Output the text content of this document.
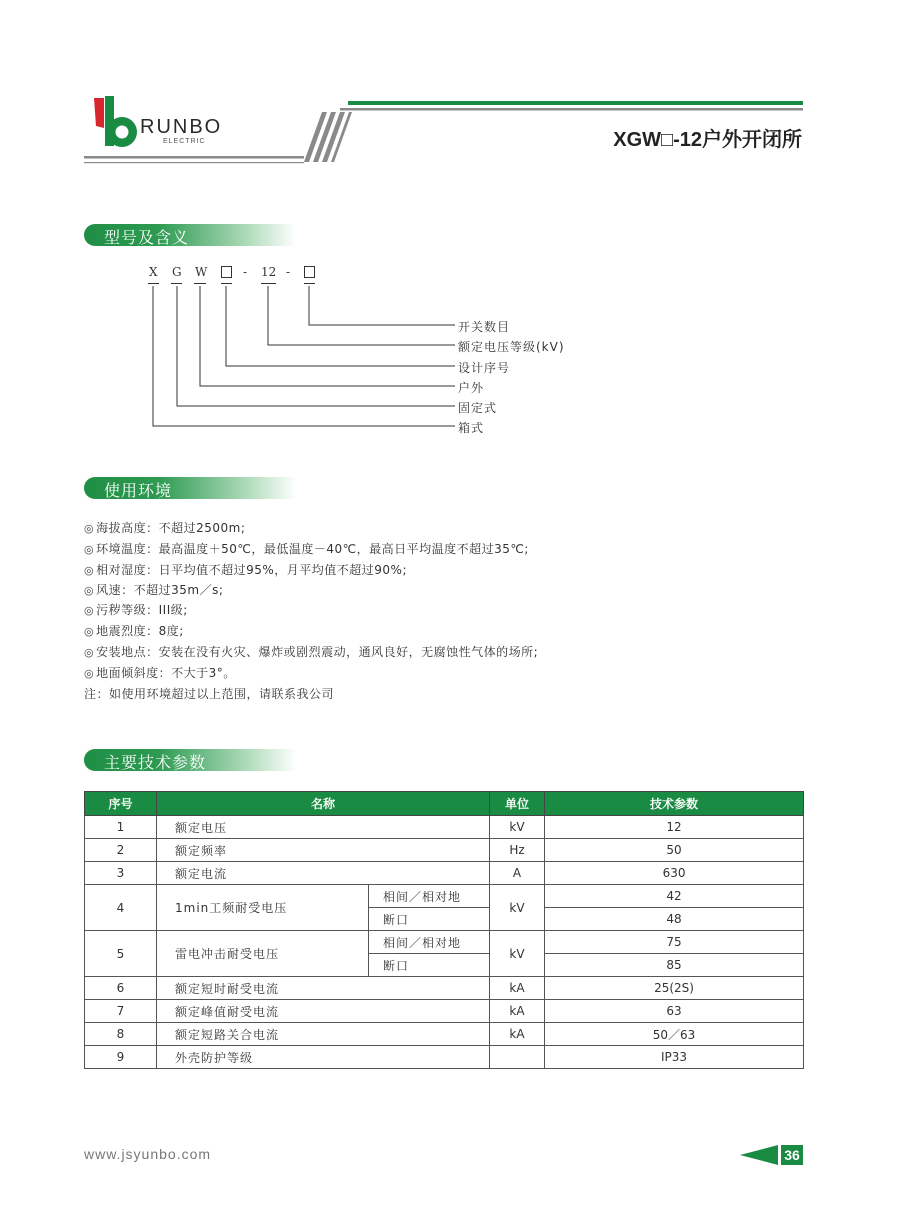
RUNBO
ELECTRIC	XGW□-12户外开闭所
型号及含义
X G W	- 12 -
开关数目
额定电压等级(kV)
设计序号
户外
固定式
箱式
使用环境
◎ 海拔高度：不超过2500m;
◎ 环境温度：最高温度＋50℃，最低温度－40℃，最高日平均温度不超过35℃;
◎ 相对湿度：日平均值不超过95%，月平均值不超过90%;
◎ 风速：不超过35m／s;
◎ 污秽等级：III级;
◎ 地震烈度：8度;
◎ 安装地点：安装在没有火灾、爆炸或剧烈震动，通风良好，无腐蚀性气体的场所;
◎ 地面倾斜度：不大于3°。
注：如使用环境超过以上范围，请联系我公司
主要技术参数
序号	名称		单位	技术参数
1	额定电压		kV	12
2	额定频率		Hz	50
3	额定电流		A	630
4	1min工频耐受电压	相间／相对地	kV	42
		断口		48
5	雷电冲击耐受电压	相间／相对地	kV	75
		断口		85
6	额定短时耐受电流		kA	25(2S)
7	额定峰值耐受电流		kA	63
8	额定短路关合电流		kA	50／63
9	外壳防护等级			IP33
www.jsyunbo.com	36
